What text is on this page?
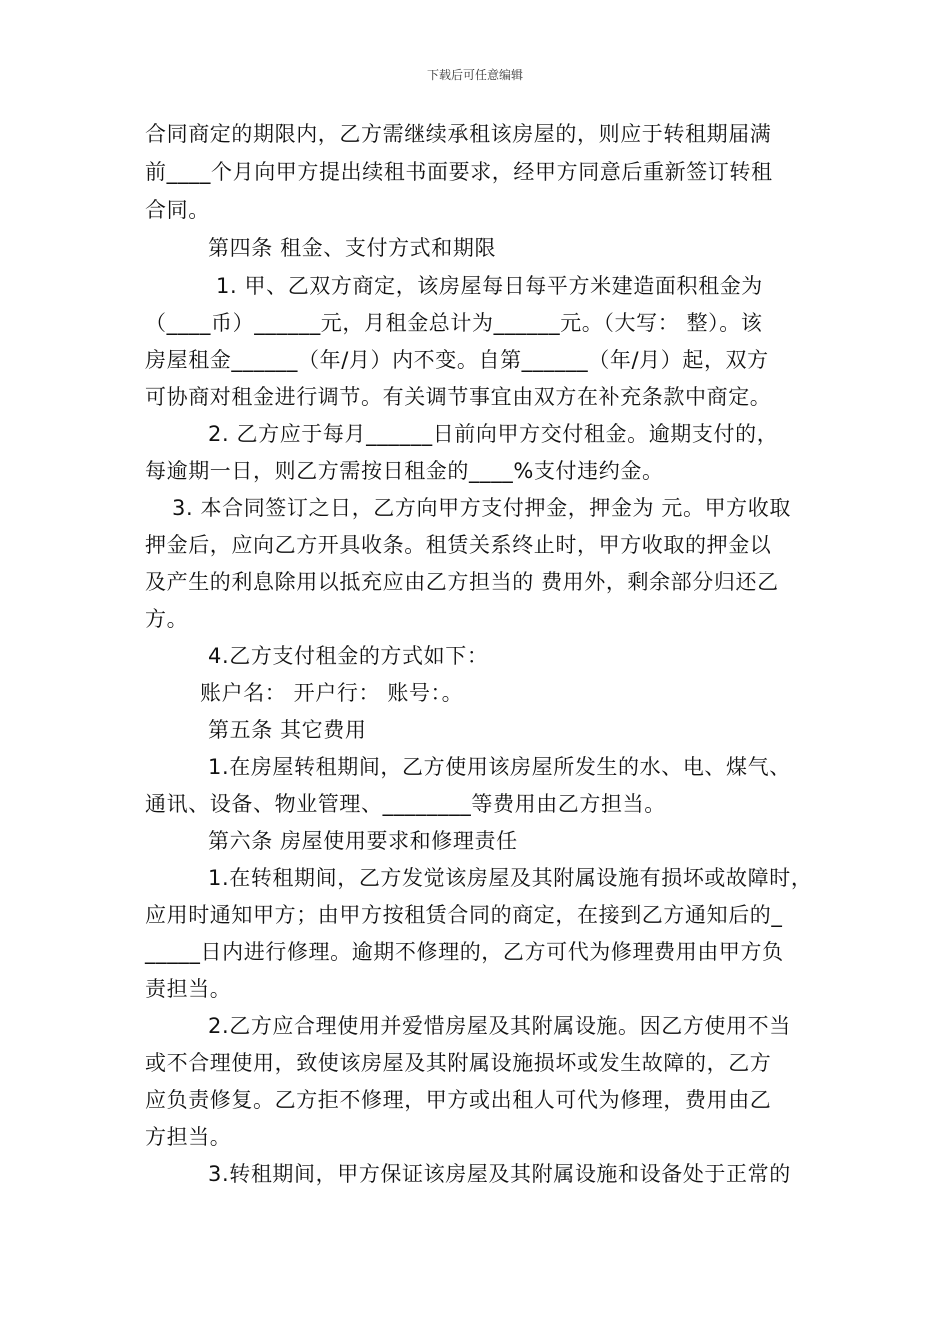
下载后可任意编辑
合同商定的期限内，乙方需继续承租该房屋的，则应于转租期届满
前____个月向甲方提出续租书面要求，经甲方同意后重新签订转租
合同。
第四条 租金、支付方式和期限
1. 甲、乙双方商定，该房屋每日每平方米建造面积租金为
（____币）______元，月租金总计为______元。（大写： 整）。该
房屋租金______（年/月）内不变。自第______（年/月）起，双方
可协商对租金进行调节。有关调节事宜由双方在补充条款中商定。
2. 乙方应于每月______日前向甲方交付租金。逾期支付的，
每逾期一日，则乙方需按日租金的____%支付违约金。
3. 本合同签订之日，乙方向甲方支付押金，押金为 元。甲方收取
押金后，应向乙方开具收条。租赁关系终止时，甲方收取的押金以
及产生的利息除用以抵充应由乙方担当的 费用外，剩余部分归还乙
方。
4.乙方支付租金的方式如下：
账户名： 开户行： 账号：。
第五条 其它费用
1.在房屋转租期间，乙方使用该房屋所发生的水、电、煤气、
通讯、设备、物业管理、________等费用由乙方担当。
第六条 房屋使用要求和修理责任
1.在转租期间，乙方发觉该房屋及其附属设施有损坏或故障时，
应用时通知甲方；由甲方按租赁合同的商定，在接到乙方通知后的_
_____日内进行修理。逾期不修理的，乙方可代为修理费用由甲方负
责担当。
2.乙方应合理使用并爱惜房屋及其附属设施。因乙方使用不当
或不合理使用，致使该房屋及其附属设施损坏或发生故障的，乙方
应负责修复。乙方拒不修理，甲方或出租人可代为修理，费用由乙
方担当。
3.转租期间，甲方保证该房屋及其附属设施和设备处于正常的
